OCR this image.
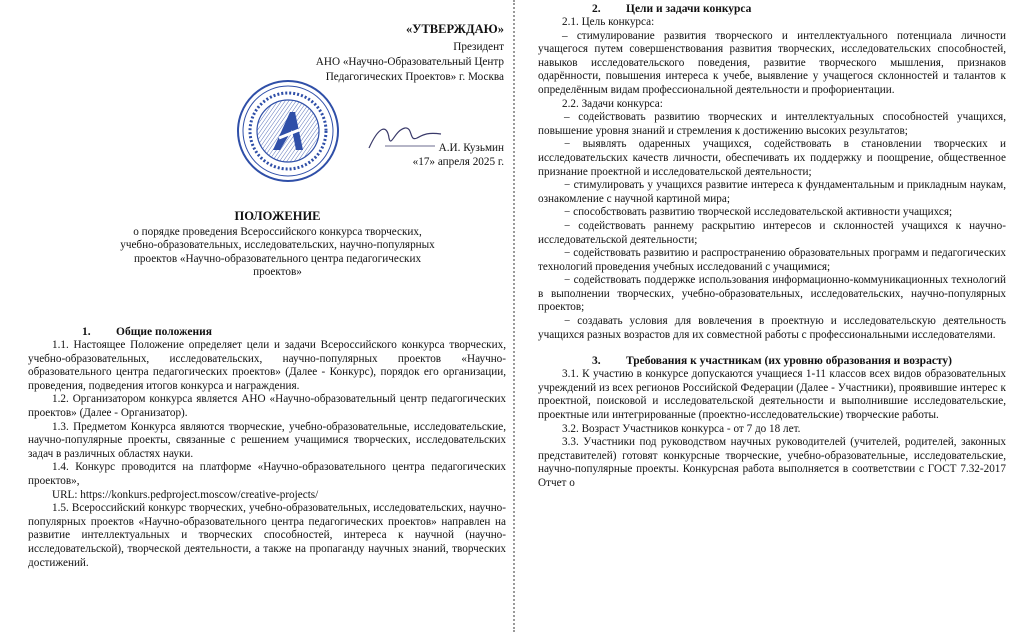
«УТВЕРЖДАЮ»
Президент
АНО «Научно-Образовательный Центр
Педагогических Проектов» г. Москва
А.И. Кузьмин
«17» апреля 2025 г.
ПОЛОЖЕНИЕ
о порядке проведения Всероссийского конкурса творческих,
учебно-образовательных, исследовательских, научно-популярных
проектов «Научно-образовательного центра педагогических
проектов»
1. Общие положения

1.1. Настоящее Положение определяет цели и задачи Всероссийского конкурса творческих, учебно-образовательных, исследовательских, научно-популярных проектов «Научно-образовательного центра педагогических проектов» (Далее - Конкурс), порядок его организации, проведения, подведения итогов конкурса и награждения.

1.2. Организатором конкурса является АНО «Научно-образовательный центр педагогических проектов» (Далее - Организатор).

1.3. Предметом Конкурса являются творческие, учебно-образовательные, исследовательские, научно-популярные проекты, связанные с решением учащимися творческих, исследовательских задач в различных областях науки.

1.4. Конкурс проводится на платформе «Научно-образовательного центра педагогических проектов»,

URL: https://konkurs.pedproject.moscow/creative-projects/

1.5. Всероссийский конкурс творческих, учебно-образовательных, исследовательских, научно-популярных проектов «Научно-образовательного центра педагогических проектов» направлен на развитие интеллектуальных и творческих способностей, интереса к научной (научно-исследовательской), творческой деятельности, а также на пропаганду научных знаний, творческих достижений.

2. Цели и задачи конкурса

2.1. Цель конкурса:

– стимулирование развития творческого и интеллектуального потенциала личности учащегося путем совершенствования развития творческих, исследовательских способностей, навыков исследовательского поведения, развитие творческого мышления, признаков одарённости, повышения интереса к учебе, выявление у учащегося склонностей и талантов к определённым видам профессиональной деятельности и профориентации.

2.2. Задачи конкурса:

– содействовать развитию творческих и интеллектуальных способностей учащихся, повышение уровня знаний и стремления к достижению высоких результатов;

− выявлять одаренных учащихся, содействовать в становлении творческих и исследовательских качеств личности, обеспечивать их поддержку и поощрение, общественное признание проектной и исследовательской деятельности;

− стимулировать у учащихся развитие интереса к фундаментальным и прикладным наукам, ознакомление с научной картиной мира;

− способствовать развитию творческой исследовательской активности учащихся;

− содействовать раннему раскрытию интересов и склонностей учащихся к научно-исследовательской деятельности;

− содействовать развитию и распространению образовательных программ и педагогических технологий проведения учебных исследований с учащимися;

− содействовать поддержке использования информационно-коммуникационных технологий в выполнении творческих, учебно-образовательных, исследовательских, научно-популярных проектов;

− создавать условия для вовлечения в проектную и исследовательскую деятельность учащихся разных возрастов для их совместной работы с профессиональными исследователями.

3. Требования к участникам (их уровню образования и возрасту)

3.1. К участию в конкурсе допускаются учащиеся 1-11 классов всех видов образовательных учреждений из всех регионов Российской Федерации (Далее - Участники), проявившие интерес к проектной, поисковой и исследовательской деятельности и выполнившие исследовательские, проектные или интегрированные (проектно-исследовательские) творческие работы.

3.2. Возраст Участников конкурса - от 7 до 18 лет.

3.3. Участники под руководством научных руководителей (учителей, родителей, законных представителей) готовят конкурсные творческие, учебно-образовательные, исследовательские, научно-популярные проекты. Конкурсная работа выполняется в соответствии с ГОСТ 7.32-2017 Отчет о
